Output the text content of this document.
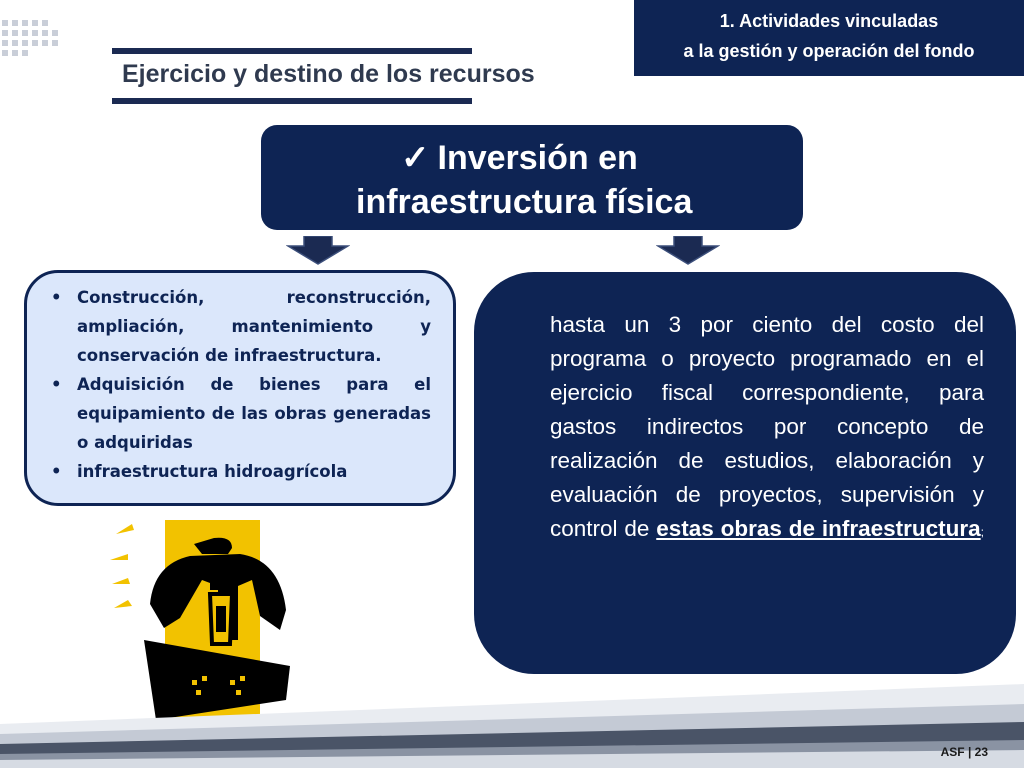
Ejercicio y destino de los recursos
1. Actividades vinculadas
a la gestión y operación del fondo
✓ Inversión en
infraestructura física
• Construcción, reconstrucción, ampliación, mantenimiento y conservación de infraestructura.
• Adquisición de bienes para el equipamiento de las obras generadas o adquiridas
• infraestructura hidroagrícola
hasta un 3 por ciento del costo del programa o proyecto programado en el ejercicio fiscal correspondiente, para gastos indirectos por concepto de realización de estudios, elaboración y evaluación de proyectos, supervisión y control de estas obras de infraestructura;
ASF | 23
